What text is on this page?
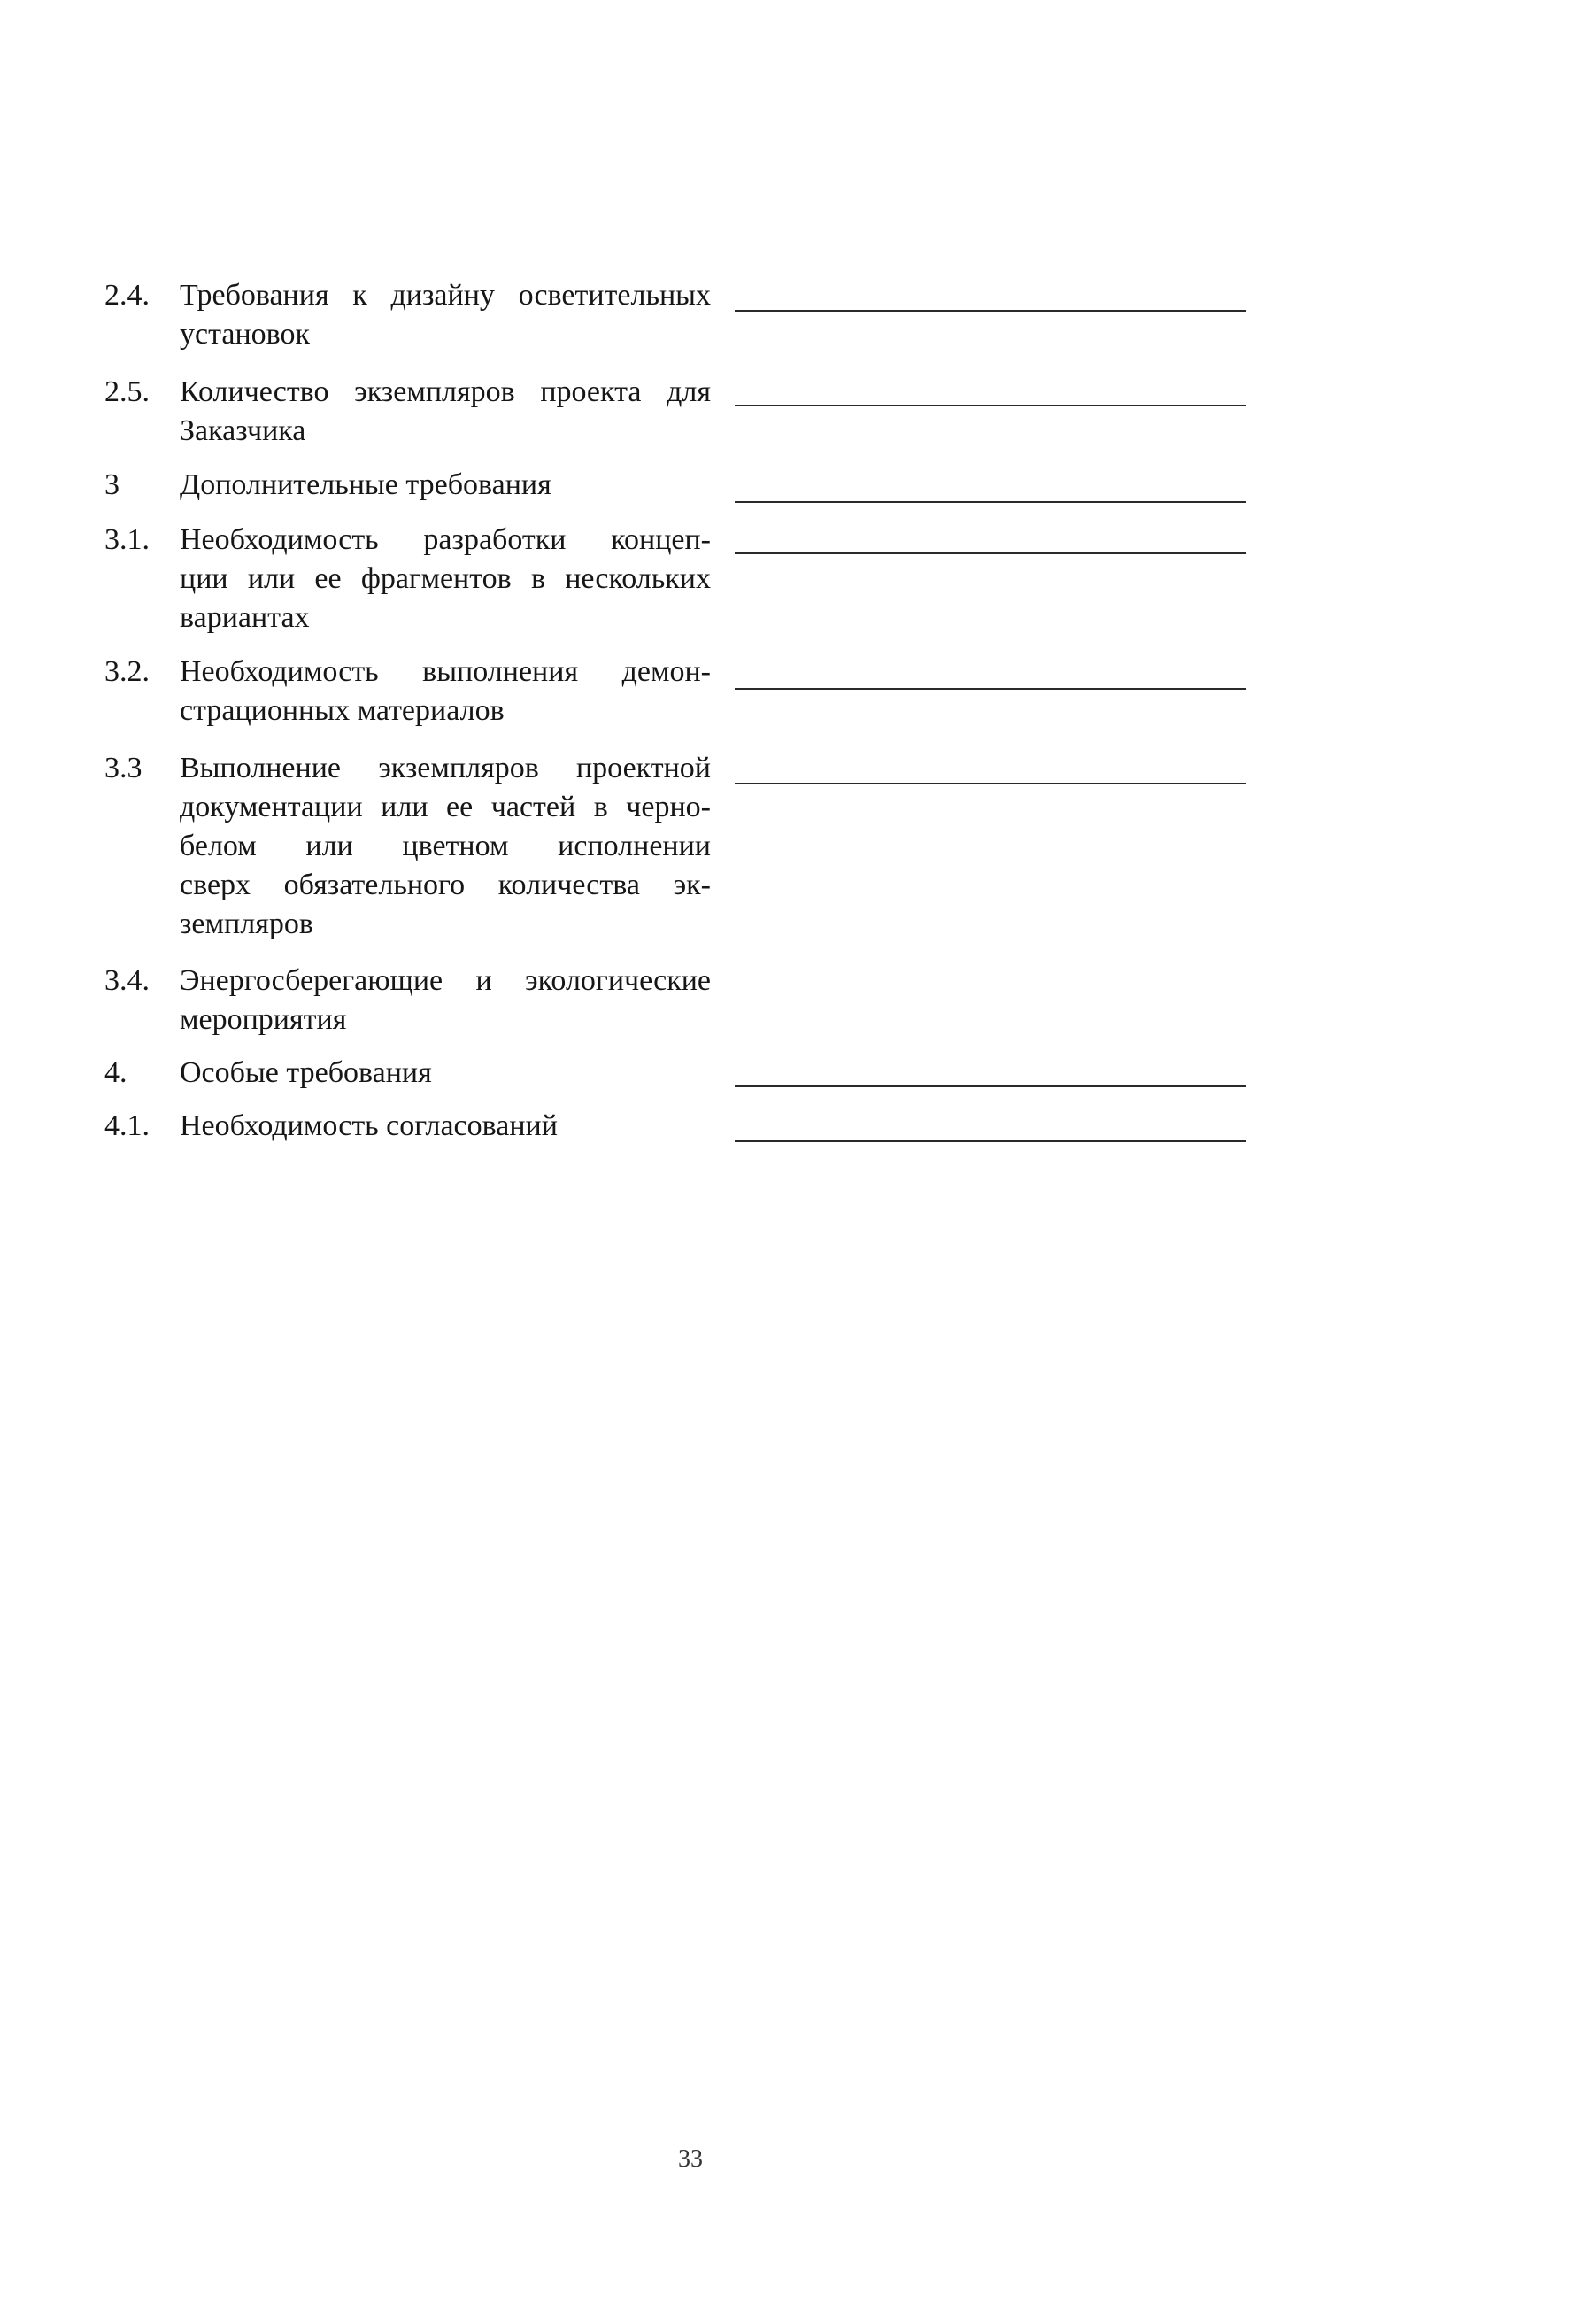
2.4. Требования к дизайну осветительных
установок
2.5. Количество экземпляров проекта для
Заказчика
3 Дополнительные требования
3.1. Необходимость разработки концеп-
ции или ее фрагментов в нескольких
вариантах
3.2. Необходимость выполнения демон-
страционных материалов
3.3 Выполнение экземпляров проектной
документации или ее частей в черно-
белом или цветном исполнении
сверх обязательного количества эк-
земпляров
3.4. Энергосберегающие и экологические
мероприятия
4. Особые требования
4.1. Необходимость согласований
33
